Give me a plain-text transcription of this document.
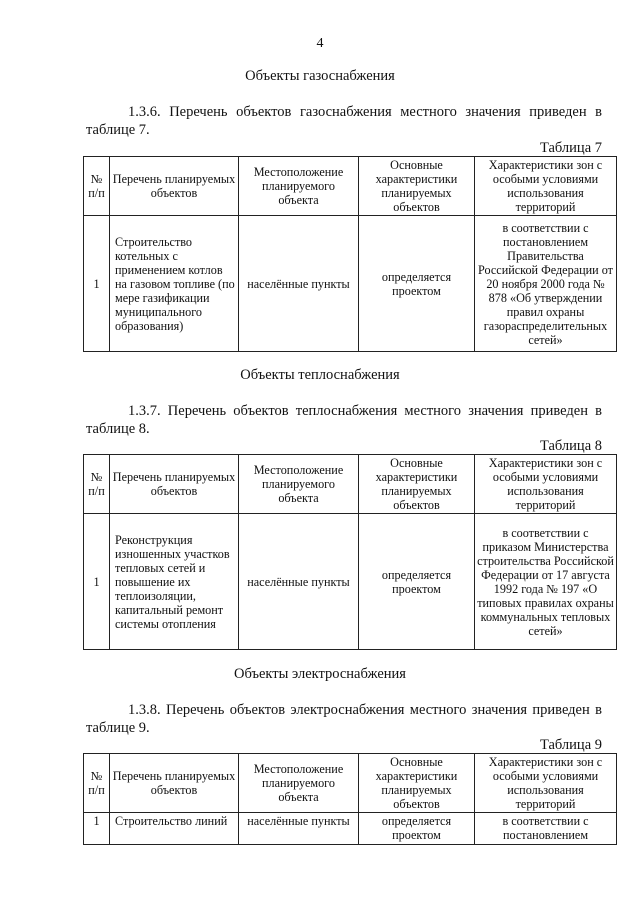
4
Объекты газоснабжения
1.3.6. Перечень объектов газоснабжения местного значения приведен в таблице 7.
Таблица 7
№ п/п	Перечень планируемых объектов	Местоположение планируемого объекта	Основные характеристики планируемых объектов	Характеристики зон с особыми условиями использования территорий
1	Строительство котельных с применением котлов на газовом топливе (по мере газификации муниципального образования)	населённые пункты	определяется проектом	в соответствии с постановлением Правительства Российской Федерации от 20 ноября 2000 года № 878 «Об утверждении правил охраны газораспределительных сетей»
Объекты теплоснабжения
1.3.7. Перечень объектов теплоснабжения местного значения приведен в таблице 8.
Таблица 8
№ п/п	Перечень планируемых объектов	Местоположение планируемого объекта	Основные характеристики планируемых объектов	Характеристики зон с особыми условиями использования территорий
1	Реконструкция изношенных участков тепловых сетей и повышение их теплоизоляции, капитальный ремонт системы отопления	населённые пункты	определяется проектом	в соответствии с приказом Министерства строительства Российской Федерации от 17 августа 1992 года № 197 «О типовых правилах охраны коммунальных тепловых сетей»
Объекты электроснабжения
1.3.8. Перечень объектов электроснабжения местного значения приведен в таблице 9.
Таблица 9
№ п/п	Перечень планируемых объектов	Местоположение планируемого объекта	Основные характеристики планируемых объектов	Характеристики зон с особыми условиями использования территорий
1	Строительство линий	населённые пункты	определяется проектом	в соответствии с постановлением
